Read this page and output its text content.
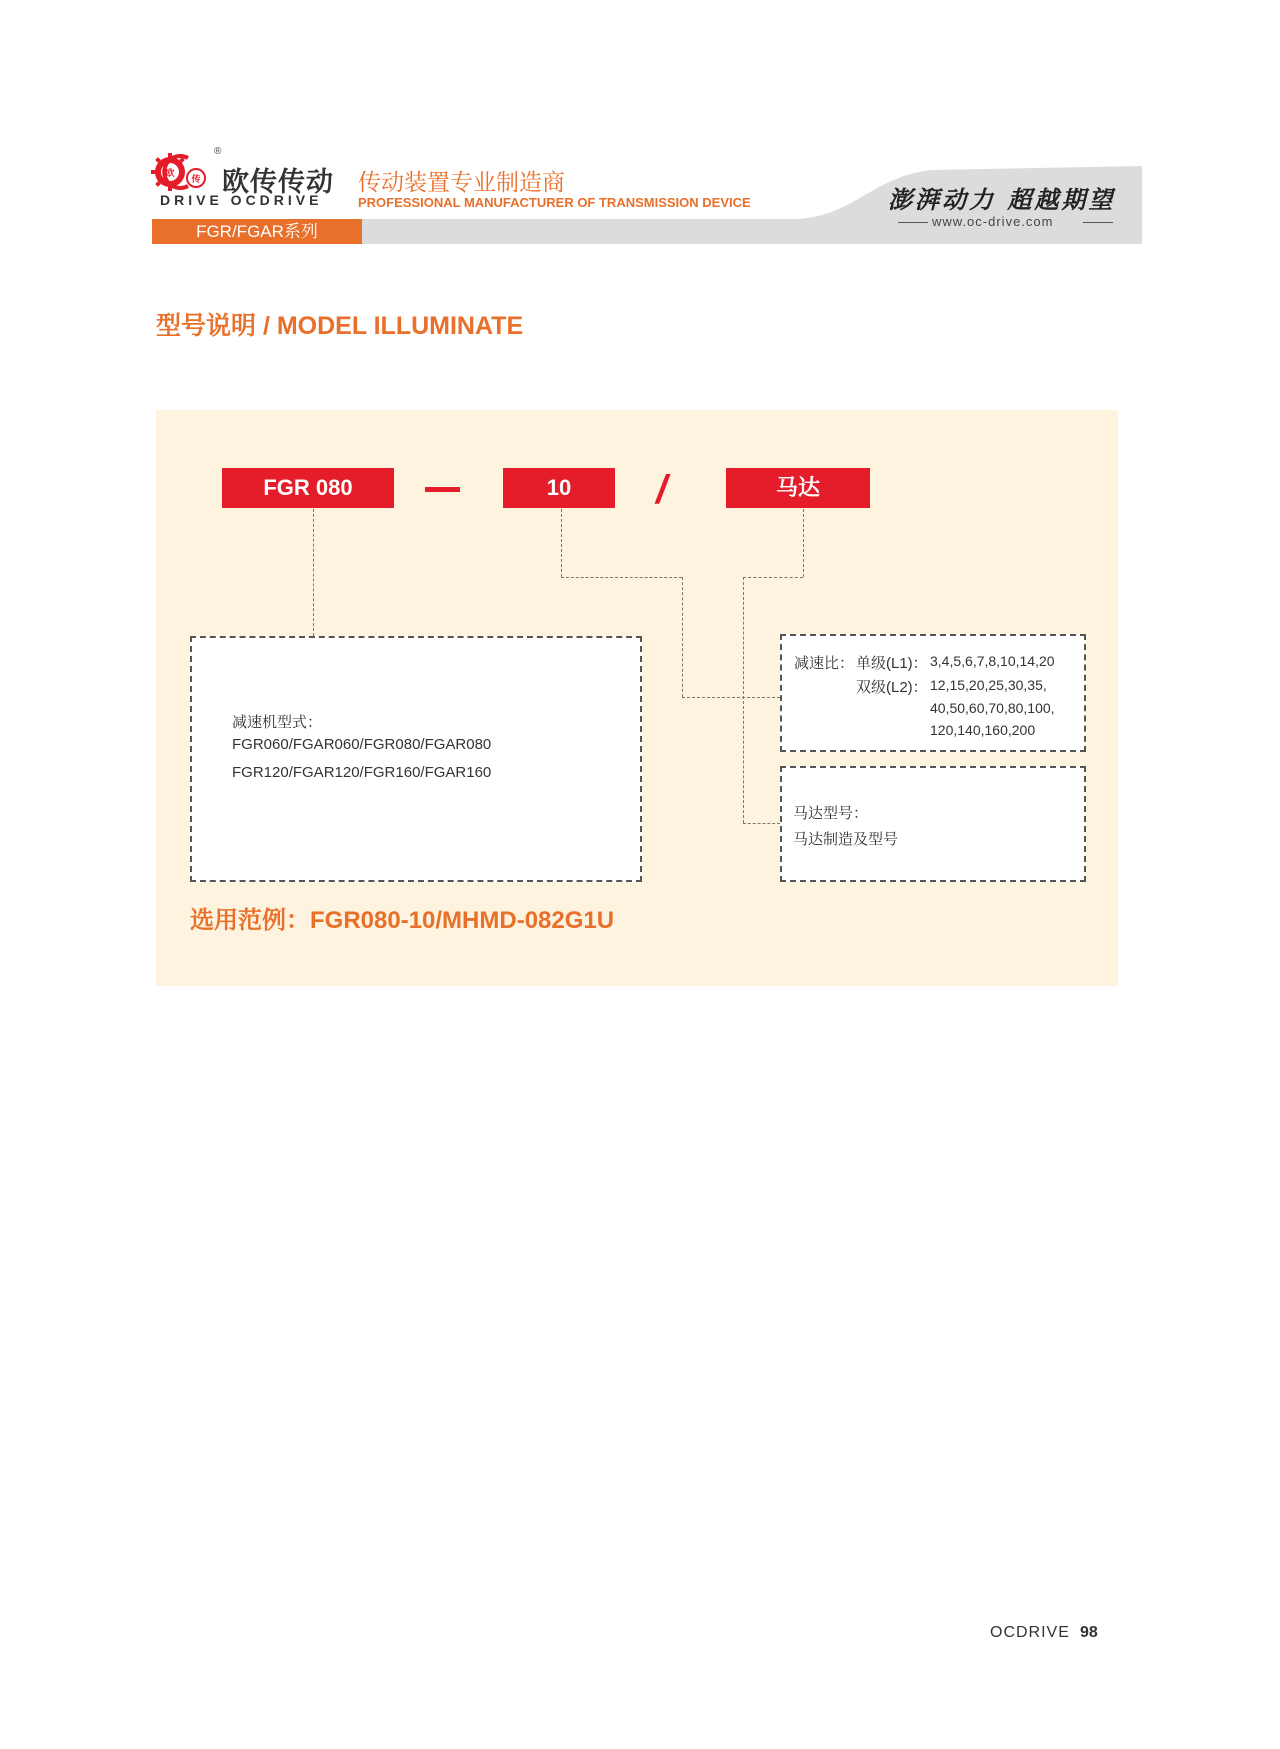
欧
传
®
欧传传动
DRIVE OCDRIVE
传动装置专业制造商
PROFESSIONAL MANUFACTURER OF TRANSMISSION DEVICE
FGR/FGAR系列
澎湃动力 超越期望
www.oc-drive.com
型号说明 / MODEL ILLUMINATE
FGR 080	10	/	马达
减速机型式：
FGR060/FGAR060/FGR080/FGAR080
FGR120/FGAR120/FGR160/FGAR160
减速比： 单级(L1)： 3,4,5,6,7,8,10,14,20
双级(L2)： 12,15,20,25,30,35,
40,50,60,70,80,100,
120,140,160,200
马达型号：
马达制造及型号
选用范例：FGR080-10/MHMD-082G1U
OCDRIVE 98
